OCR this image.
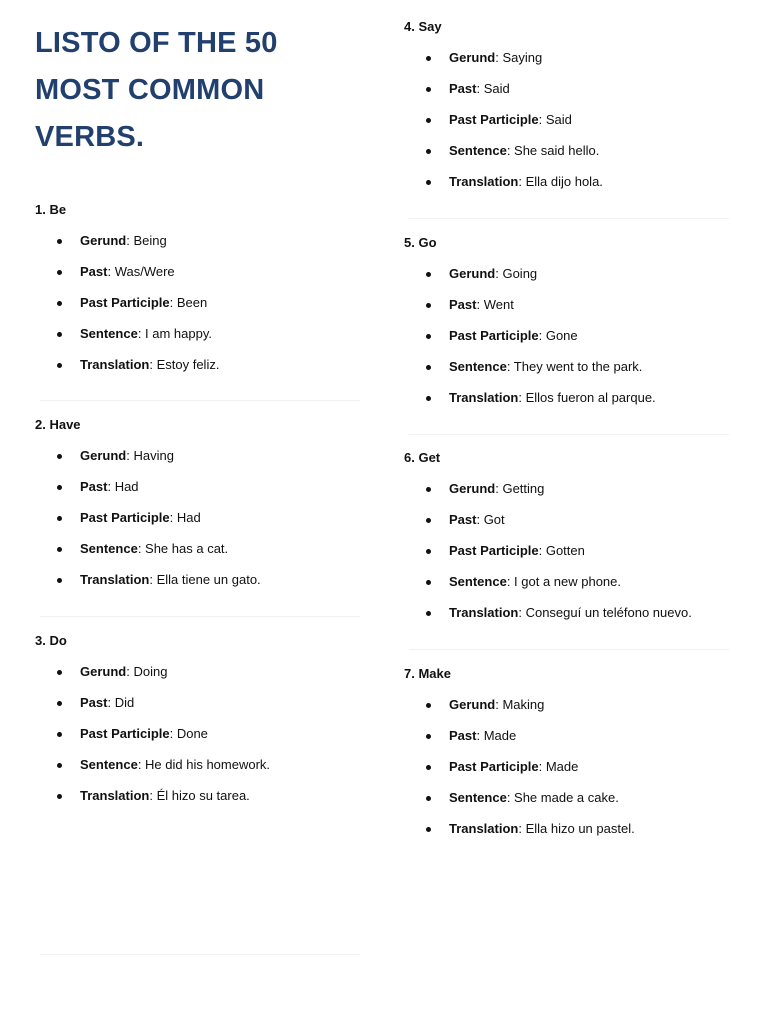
LISTO OF THE 50 MOST COMMON VERBS.
1. Be
Gerund: Being
Past: Was/Were
Past Participle: Been
Sentence: I am happy.
Translation: Estoy feliz.
2. Have
Gerund: Having
Past: Had
Past Participle: Had
Sentence: She has a cat.
Translation: Ella tiene un gato.
3. Do
Gerund: Doing
Past: Did
Past Participle: Done
Sentence: He did his homework.
Translation: Él hizo su tarea.
4. Say
Gerund: Saying
Past: Said
Past Participle: Said
Sentence: She said hello.
Translation: Ella dijo hola.
5. Go
Gerund: Going
Past: Went
Past Participle: Gone
Sentence: They went to the park.
Translation: Ellos fueron al parque.
6. Get
Gerund: Getting
Past: Got
Past Participle: Gotten
Sentence: I got a new phone.
Translation: Conseguí un teléfono nuevo.
7. Make
Gerund: Making
Past: Made
Past Participle: Made
Sentence: She made a cake.
Translation: Ella hizo un pastel.
